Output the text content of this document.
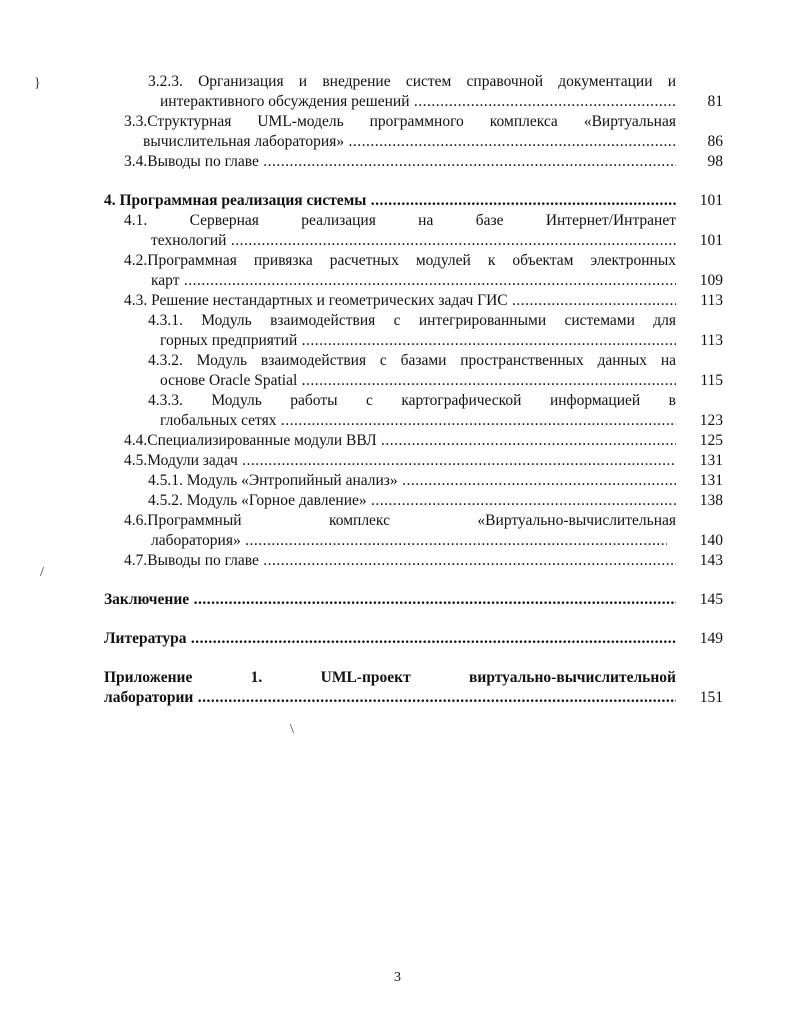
}
/
\
3.2.3. Организация и внедрение систем справочной документации и
интерактивного обсуждения решений .....	81
3.3.Структурная UML-модель программного комплекса «Виртуальная
вычислительная лаборатория» .....	86
3.4.Выводы по главе .....	98
4. Программная реализация системы .....	101
4.1. Серверная реализация на базе Интернет/Интранет
технологий .....	101
4.2.Программная привязка расчетных модулей к объектам электронных
карт .....	109
4.3. Решение нестандартных и геометрических задач ГИС .....	113
4.3.1. Модуль взаимодействия с интегрированными системами для
горных предприятий .....	113
4.3.2. Модуль взаимодействия с базами пространственных данных на
основе Oracle Spatial .....	115
4.3.3. Модуль работы с картографической информацией в
глобальных сетях .....	123
4.4.Специализированные модули ВВЛ .....	125
4.5.Модули задач .....	131
4.5.1. Модуль «Энтропийный анализ» .....	131
4.5.2. Модуль «Горное давление» .....	138
4.6.Программный комплекс «Виртуально-вычислительная
лаборатория» .....	140
4.7.Выводы по главе .....	143
Заключение .....	145
Литература .....	149
Приложение 1. UML-проект виртуально-вычислительной
лаборатории .....	151
3
